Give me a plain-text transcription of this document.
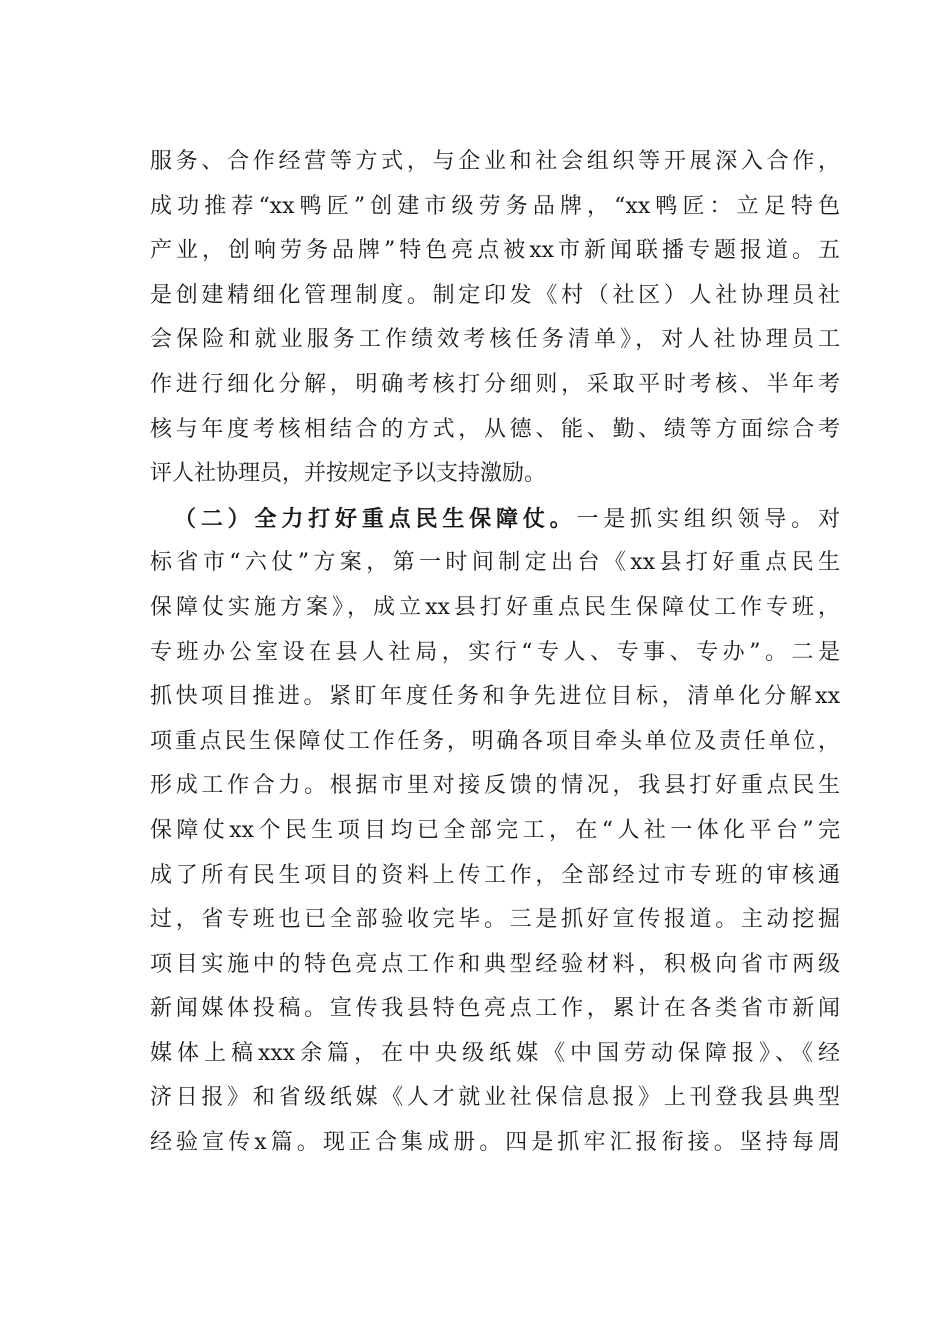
服务、合作经营等方式，与企业和社会组织等开展深入合作，
成功推荐“xx鸭匠”创建市级劳务品牌，“xx鸭匠：立足特色
产业，创响劳务品牌”特色亮点被xx市新闻联播专题报道。五
是创建精细化管理制度。制定印发《村（社区）人社协理员社
会保险和就业服务工作绩效考核任务清单》，对人社协理员工
作进行细化分解，明确考核打分细则，采取平时考核、半年考
核与年度考核相结合的方式，从德、能、勤、绩等方面综合考
评人社协理员，并按规定予以支持激励。
（二）全力打好重点民生保障仗。一是抓实组织领导。对
标省市“六仗”方案，第一时间制定出台《xx县打好重点民生
保障仗实施方案》，成立xx县打好重点民生保障仗工作专班，
专班办公室设在县人社局，实行“专人、专事、专办”。二是
抓快项目推进。紧盯年度任务和争先进位目标，清单化分解xx
项重点民生保障仗工作任务，明确各项目牵头单位及责任单位，
形成工作合力。根据市里对接反馈的情况，我县打好重点民生
保障仗xx个民生项目均已全部完工，在“人社一体化平台”完
成了所有民生项目的资料上传工作，全部经过市专班的审核通
过，省专班也已全部验收完毕。三是抓好宣传报道。主动挖掘
项目实施中的特色亮点工作和典型经验材料，积极向省市两级
新闻媒体投稿。宣传我县特色亮点工作，累计在各类省市新闻
媒体上稿xxx余篇，在中央级纸媒《中国劳动保障报》、《经
济日报》和省级纸媒《人才就业社保信息报》上刊登我县典型
经验宣传x篇。现正合集成册。四是抓牢汇报衔接。坚持每周
